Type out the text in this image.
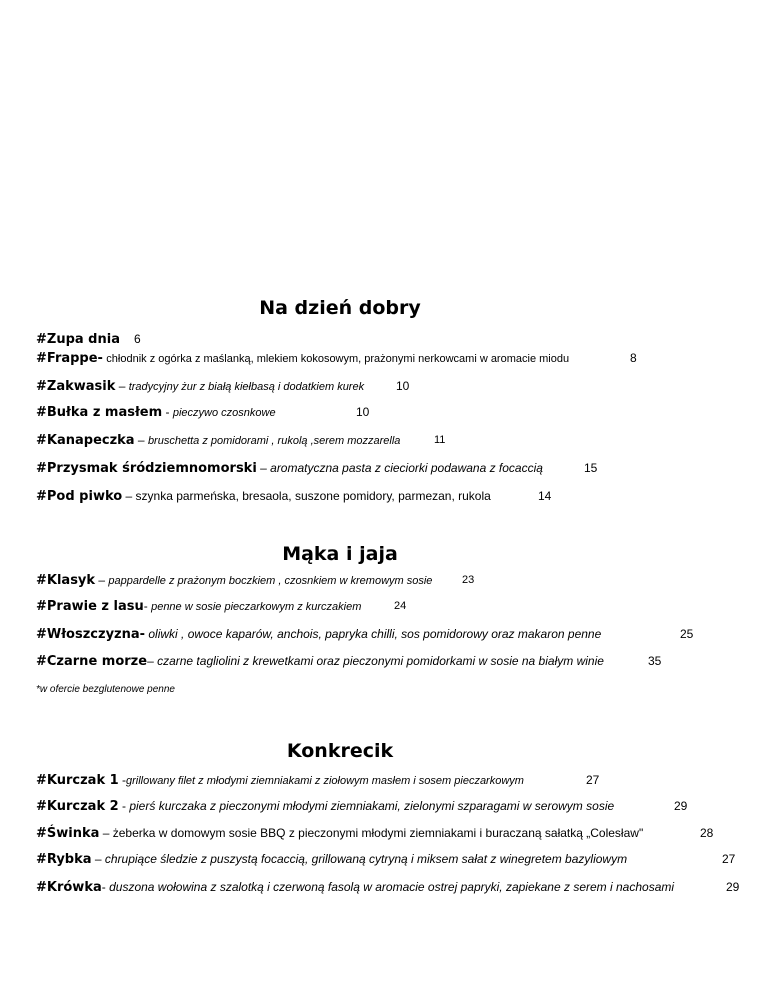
Na dzień dobry
#Zupa dnia 6
#Frappe- chłodnik z ogórka z maślanką, mlekiem kokosowym, prażonymi nerkowcami w aromacie miodu	8
#Zakwasik – tradycyjny żur z białą kiełbasą i dodatkiem kurek	10
#Bułka z masłem - pieczywo czosnkowe	10
#Kanapeczka – bruschetta z pomidorami , rukolą ,serem mozzarella	11
#Przysmak śródziemnomorski – aromatyczna pasta z cieciorki podawana z focaccią	15
#Pod piwko – szynka parmeńska, bresaola, suszone pomidory, parmezan, rukola	14
Mąka i jaja
#Klasyk – pappardelle z prażonym boczkiem , czosnkiem w kremowym sosie	23
#Prawie z lasu- penne w sosie pieczarkowym z kurczakiem	24
#Włoszczyzna- oliwki , owoce kaparów, anchois, papryka chilli, sos pomidorowy oraz makaron penne	25
#Czarne morze– czarne tagliolini z krewetkami oraz pieczonymi pomidorkami w sosie na białym winie	35
*w ofercie bezglutenowe penne
Konkrecik
#Kurczak 1 -grillowany filet z młodymi ziemniakami z ziołowym masłem i sosem pieczarkowym	27
#Kurczak 2 - pierś kurczaka z pieczonymi młodymi ziemniakami, zielonymi szparagami w serowym sosie	29
#Świnka – żeberka w domowym sosie BBQ z pieczonymi młodymi ziemniakami i buraczaną sałatką „Colesław"	28
#Rybka – chrupiące śledzie z puszystą focaccią, grillowaną cytryną i miksem sałat z winegretem bazyliowym	27
#Krówka- duszona wołowina z szalotką i czerwoną fasolą w aromacie ostrej papryki, zapiekane z serem i nachosami	29
